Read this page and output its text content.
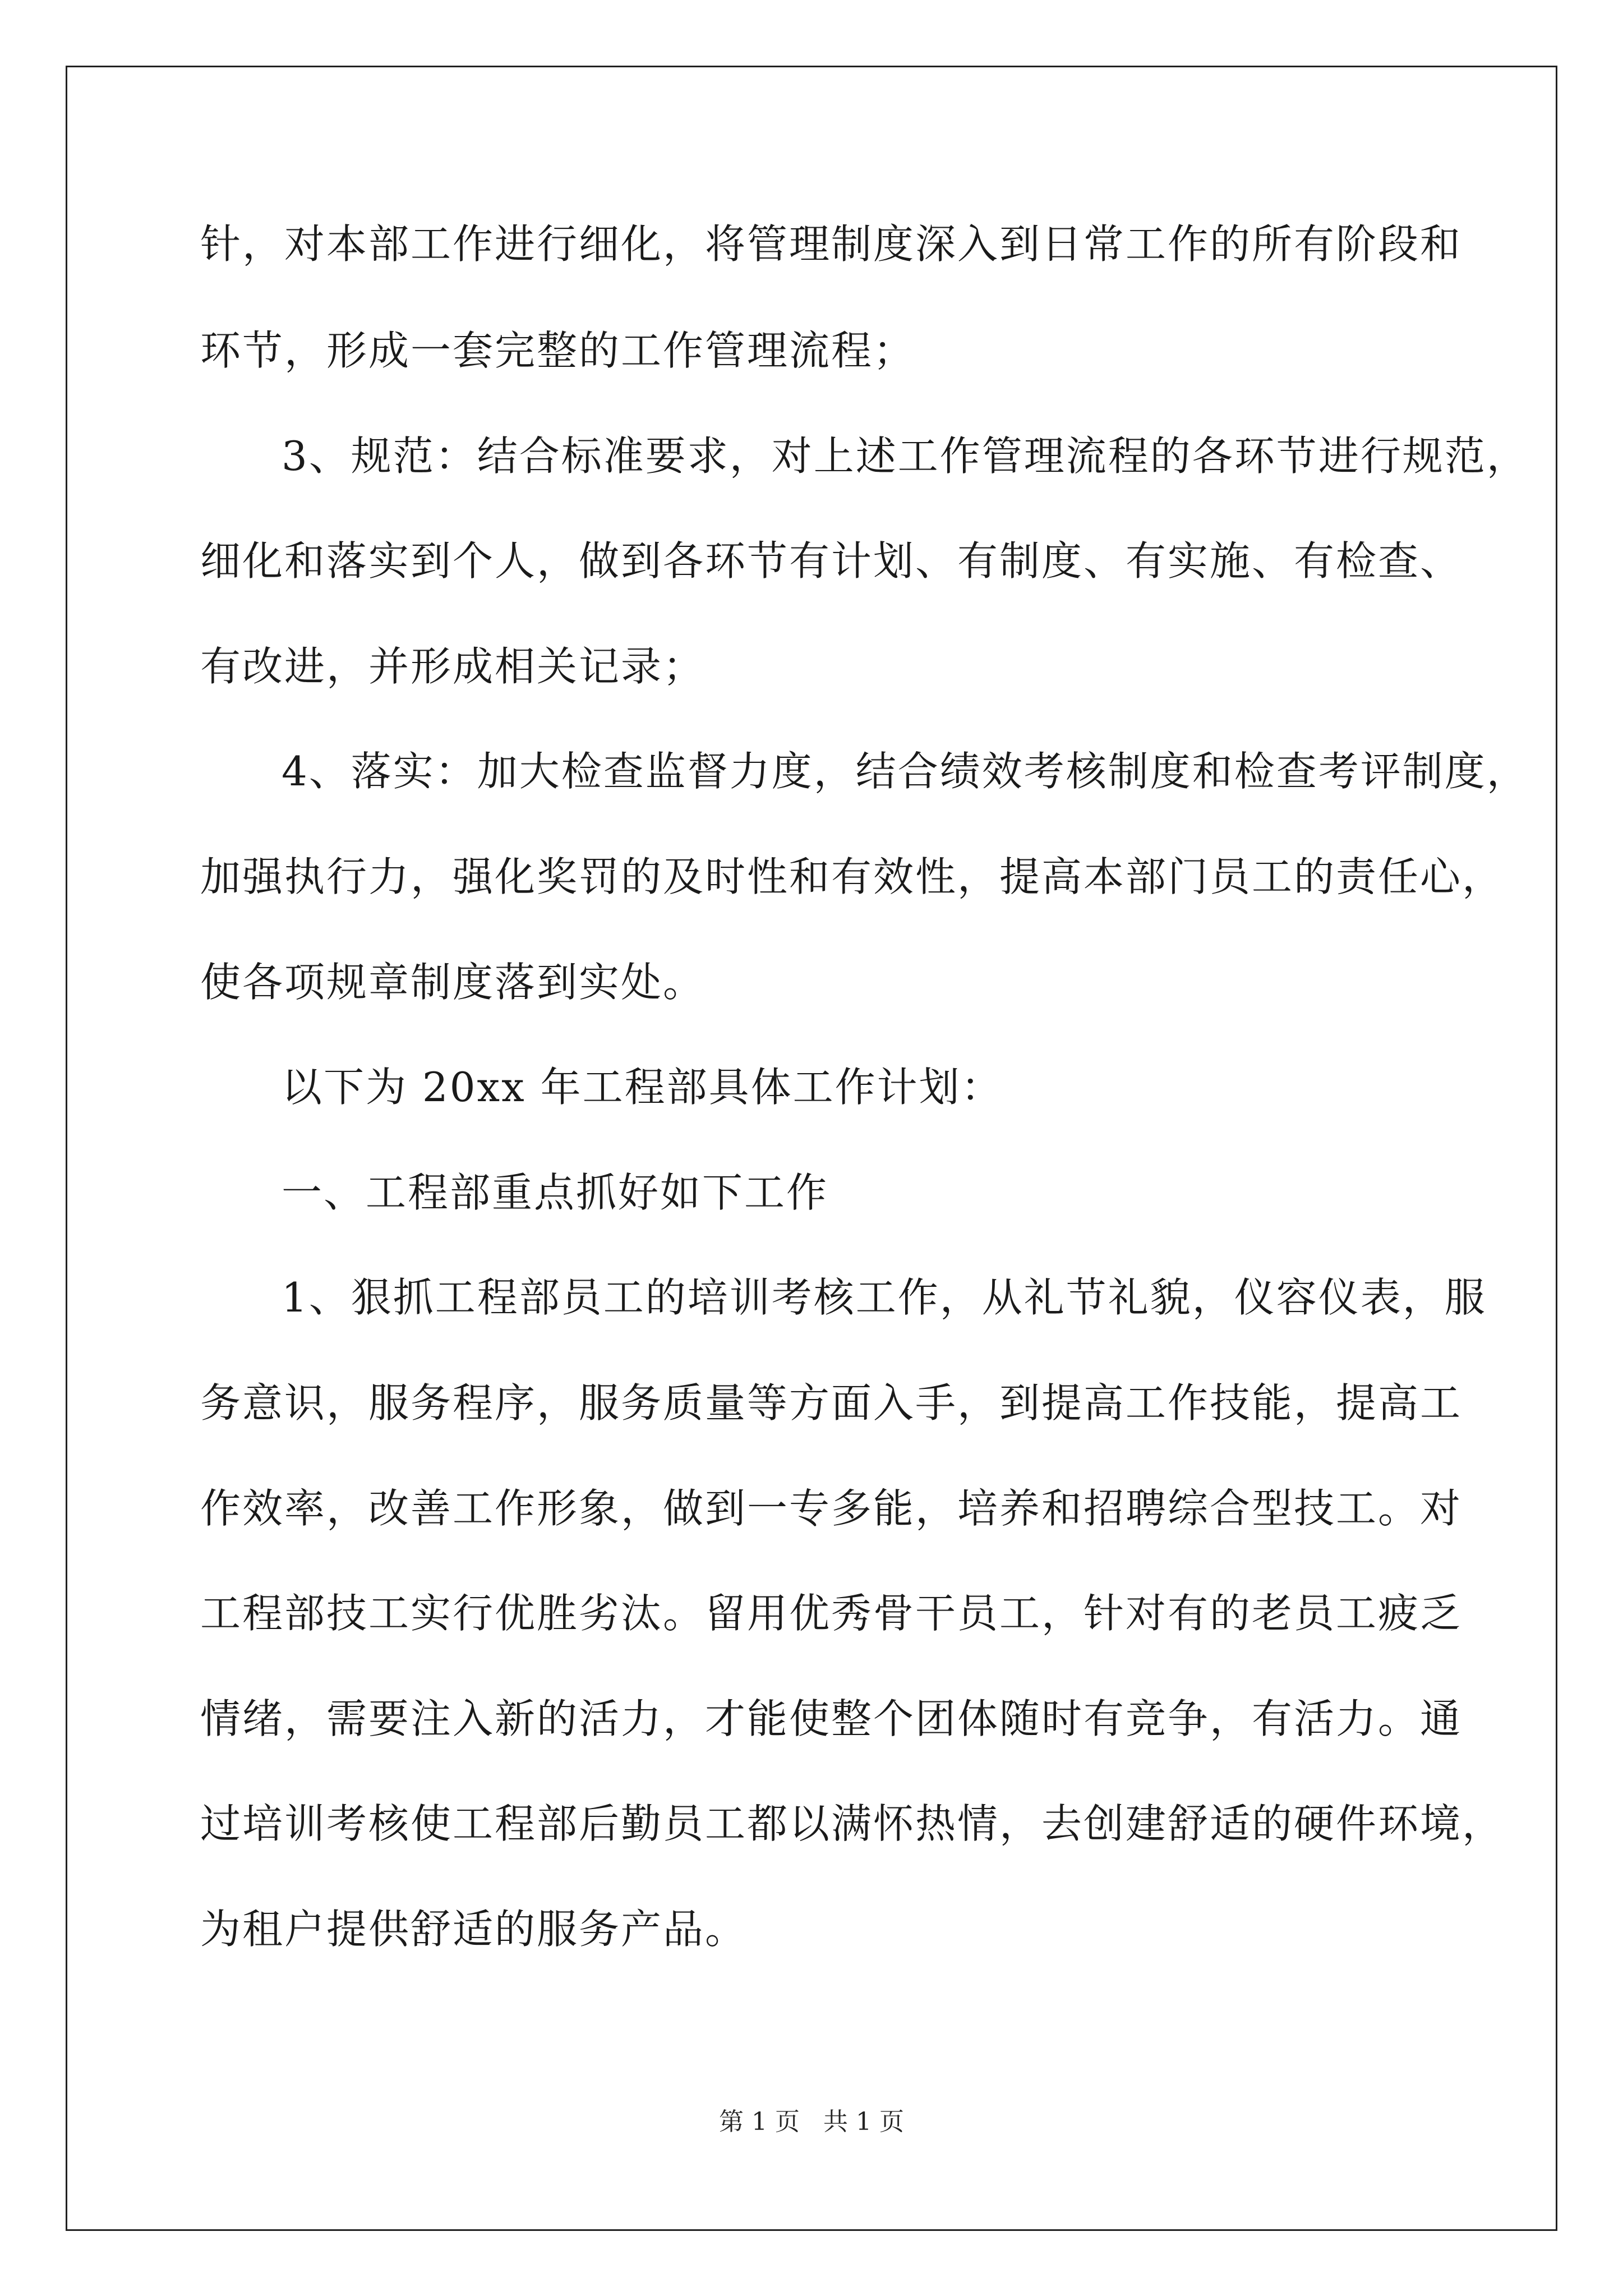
针，对本部工作进行细化，将管理制度深入到日常工作的所有阶段和
环节，形成一套完整的工作管理流程；
3、规范：结合标准要求，对上述工作管理流程的各环节进行规范，
细化和落实到个人，做到各环节有计划、有制度、有实施、有检查、
有改进，并形成相关记录；
4、落实：加大检查监督力度，结合绩效考核制度和检查考评制度，
加强执行力，强化奖罚的及时性和有效性，提高本部门员工的责任心，
使各项规章制度落到实处。
以下为 20xx 年工程部具体工作计划：
一、工程部重点抓好如下工作
1、狠抓工程部员工的培训考核工作，从礼节礼貌，仪容仪表，服
务意识，服务程序，服务质量等方面入手，到提高工作技能，提高工
作效率，改善工作形象，做到一专多能，培养和招聘综合型技工。对
工程部技工实行优胜劣汰。留用优秀骨干员工，针对有的老员工疲乏
情绪，需要注入新的活力，才能使整个团体随时有竞争，有活力。通
过培训考核使工程部后勤员工都以满怀热情，去创建舒适的硬件环境，
为租户提供舒适的服务产品。
第 1 页   共 1 页
